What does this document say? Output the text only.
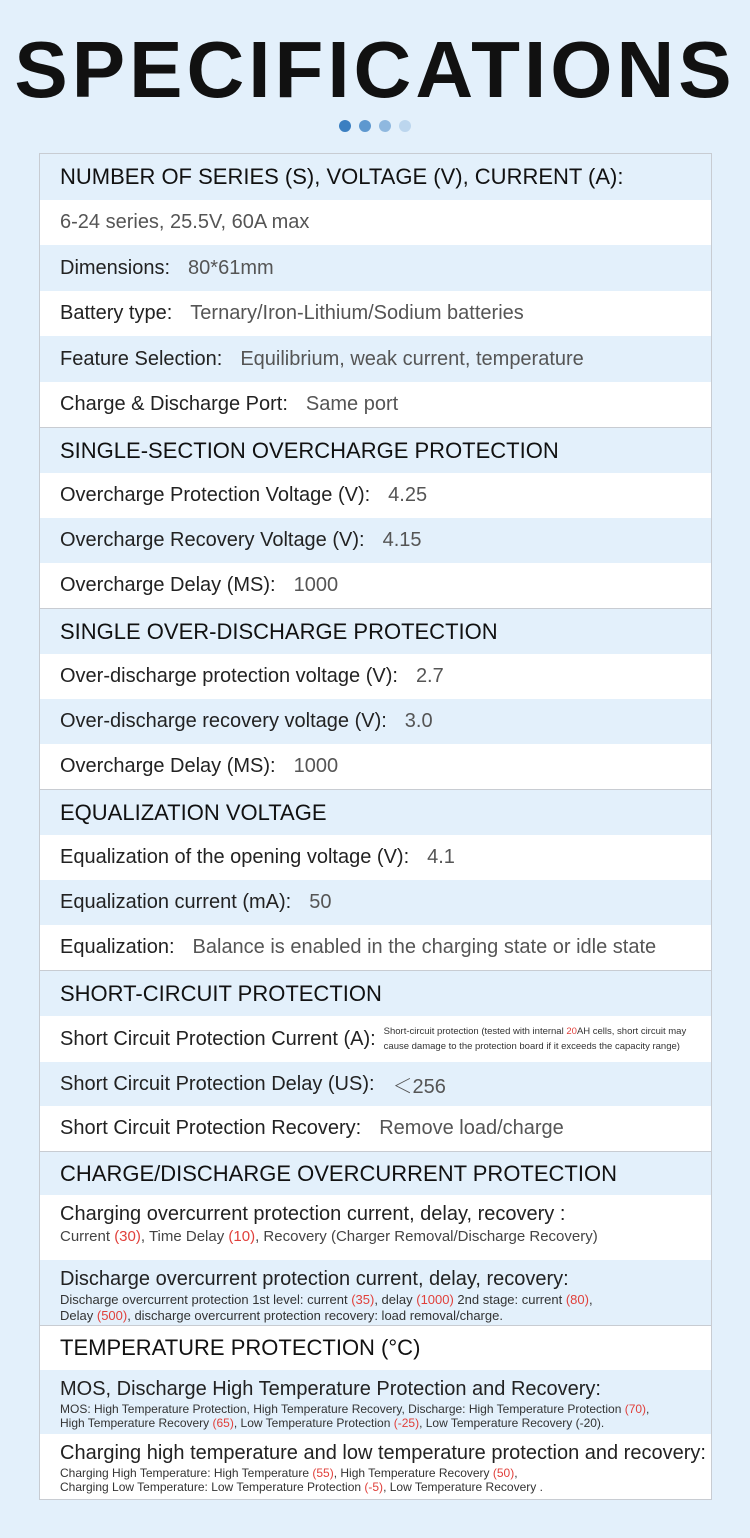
SPECIFICATIONS
NUMBER OF SERIES (S), VOLTAGE (V), CURRENT (A):
6-24 series, 25.5V, 60A max
Dimensions: 80*61mm
Battery type: Ternary/Iron-Lithium/Sodium batteries
Feature Selection: Equilibrium, weak current, temperature
Charge & Discharge Port: Same port
SINGLE-SECTION OVERCHARGE PROTECTION
Overcharge Protection Voltage (V): 4.25
Overcharge Recovery Voltage (V): 4.15
Overcharge Delay (MS): 1000
SINGLE OVER-DISCHARGE PROTECTION
Over-discharge protection voltage (V): 2.7
Over-discharge recovery voltage (V): 3.0
Overcharge Delay (MS): 1000
EQUALIZATION VOLTAGE
Equalization of the opening voltage (V): 4.1
Equalization current (mA): 50
Equalization: Balance is enabled in the charging state or idle state
SHORT-CIRCUIT PROTECTION
Short Circuit Protection Current (A): Short-circuit protection (tested with internal 20AH cells, short circuit may cause damage to the protection board if it exceeds the capacity range)
Short Circuit Protection Delay (US): ＜256
Short Circuit Protection Recovery: Remove load/charge
CHARGE/DISCHARGE OVERCURRENT PROTECTION
Charging overcurrent protection current, delay, recovery :
Current (30), Time Delay (10), Recovery (Charger Removal/Discharge Recovery)
Discharge overcurrent protection current, delay, recovery:
Discharge overcurrent protection 1st level: current (35), delay (1000) 2nd stage: current (80),
Delay (500), discharge overcurrent protection recovery: load removal/charge.
TEMPERATURE PROTECTION (°C)
MOS, Discharge High Temperature Protection and Recovery:
MOS: High Temperature Protection, High Temperature Recovery, Discharge: High Temperature Protection (70),
High Temperature Recovery (65), Low Temperature Protection (-25), Low Temperature Recovery (-20).
Charging high temperature and low temperature protection and recovery:
Charging High Temperature: High Temperature (55), High Temperature Recovery (50),
Charging Low Temperature: Low Temperature Protection (-5), Low Temperature Recovery .
